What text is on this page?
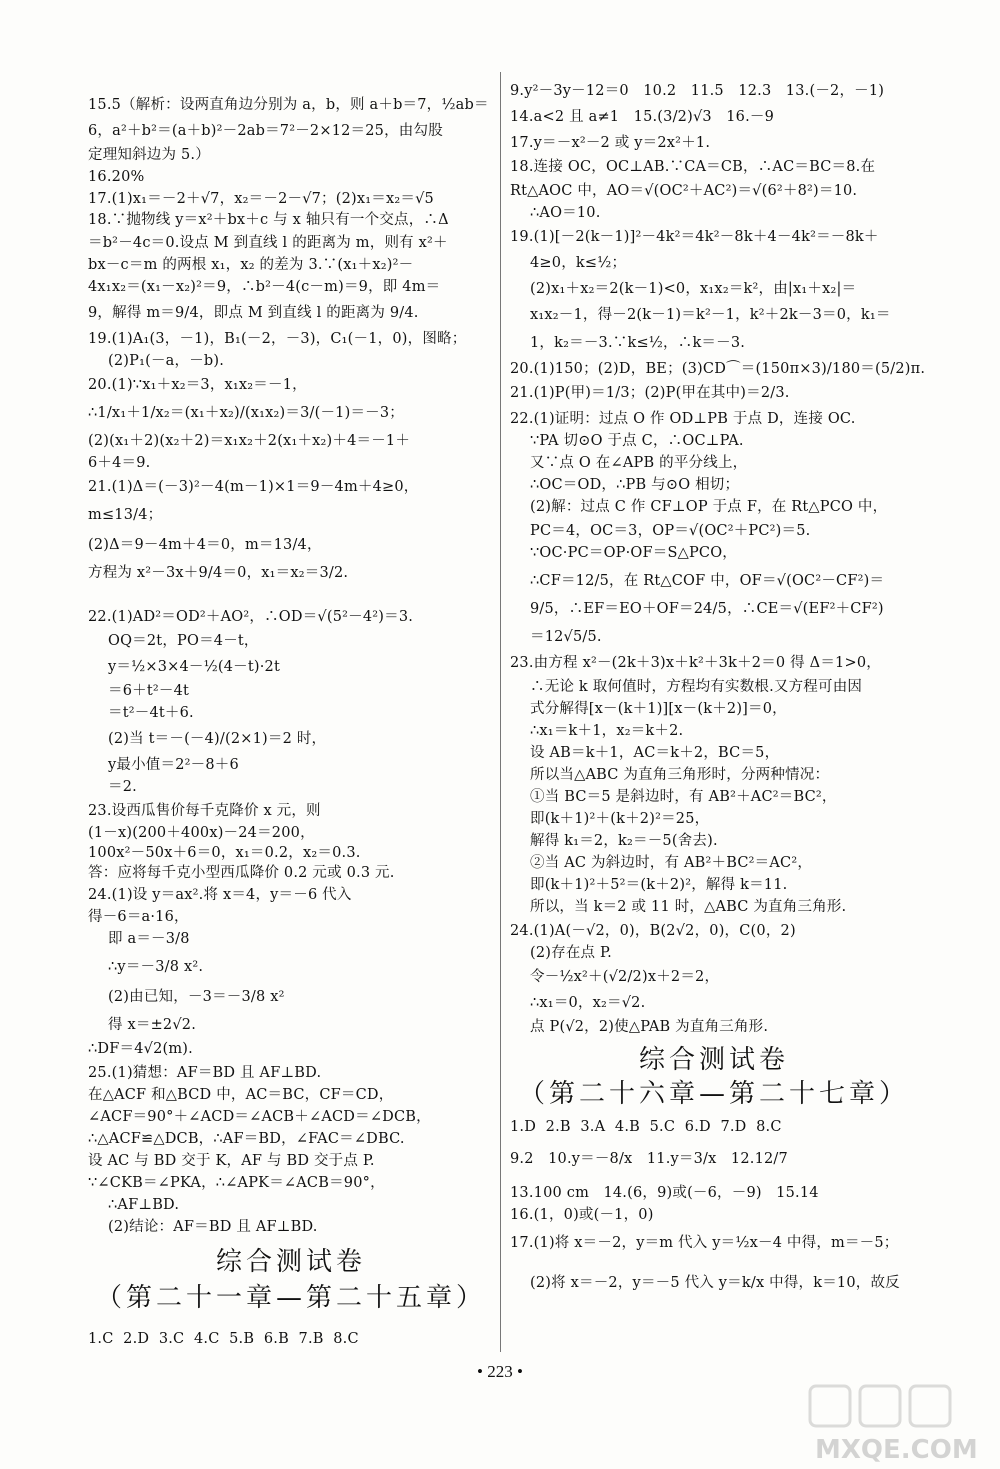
15.5（解析：设两直角边分别为 a，b，则 a＋b＝7，½ab＝
6，a²＋b²＝(a＋b)²－2ab＝7²－2×12＝25，由勾股
定理知斜边为 5.）
16.20%
17.(1)x₁＝－2＋√7，x₂＝－2－√7；(2)x₁＝x₂＝√5
18.∵抛物线 y＝x²＋bx＋c 与 x 轴只有一个交点，∴Δ
＝b²－4c＝0.设点 M 到直线 l 的距离为 m，则有 x²＋
bx－c＝m 的两根 x₁，x₂ 的差为 3.∵(x₁＋x₂)²－
4x₁x₂＝(x₁－x₂)²＝9，∴b²－4(c－m)＝9，即 4m＝
9，解得 m＝9/4，即点 M 到直线 l 的距离为 9/4.
19.(1)A₁(3，－1)，B₁(－2，－3)，C₁(－1，0)，图略；
(2)P₁(－a，－b).
20.(1)∵x₁＋x₂＝3，x₁x₂＝－1，
∴1/x₁＋1/x₂＝(x₁＋x₂)/(x₁x₂)＝3/(－1)＝－3；
(2)(x₁＋2)(x₂＋2)＝x₁x₂＋2(x₁＋x₂)＋4＝－1＋
6＋4＝9.
21.(1)Δ＝(－3)²－4(m－1)×1＝9－4m＋4≥0，
m≤13/4；
(2)Δ＝9－4m＋4＝0，m＝13/4，
方程为 x²－3x＋9/4＝0，x₁＝x₂＝3/2.
22.(1)AD²＝OD²＋AO²，∴OD＝√(5²－4²)＝3.
OQ＝2t，PO＝4－t，
y＝½×3×4－½(4－t)·2t
＝6＋t²－4t
＝t²－4t＋6.
(2)当 t＝－(－4)/(2×1)＝2 时，
y最小值＝2²－8＋6
＝2.
23.设西瓜售价每千克降价 x 元，则
(1－x)(200＋400x)－24＝200，
100x²－50x＋6＝0，x₁＝0.2，x₂＝0.3.
答：应将每千克小型西瓜降价 0.2 元或 0.3 元.
24.(1)设 y＝ax².将 x＝4，y＝－6 代入
得－6＝a·16，
即 a＝－3/8
∴y＝－3/8 x².
(2)由已知，－3＝－3/8 x²
得 x＝±2√2.
∴DF＝4√2(m).
25.(1)猜想：AF＝BD 且 AF⊥BD.
在△ACF 和△BCD 中，AC＝BC，CF＝CD，
∠ACF＝90°＋∠ACD＝∠ACB＋∠ACD＝∠DCB，
∴△ACF≌△DCB，∴AF＝BD，∠FAC＝∠DBC.
设 AC 与 BD 交于 K，AF 与 BD 交于点 P.
∵∠CKB＝∠PKA，∴∠APK＝∠ACB＝90°，
∴AF⊥BD.
(2)结论：AF＝BD 且 AF⊥BD.
综合测试卷
（第二十一章—第二十五章）
1.C  2.D  3.C  4.C  5.B  6.B  7.B  8.C
9.y²－3y－12＝0   10.2   11.5   12.3   13.(－2，－1)
14.a<2 且 a≠1   15.(3/2)√3   16.－9
17.y＝－x²－2 或 y＝2x²＋1.
18.连接 OC，OC⊥AB.∵CA＝CB，∴AC＝BC＝8.在
Rt△AOC 中，AO＝√(OC²＋AC²)＝√(6²＋8²)＝10.
∴AO＝10.
19.(1)[－2(k－1)]²－4k²＝4k²－8k＋4－4k²＝－8k＋
4≥0，k≤½；
(2)x₁＋x₂＝2(k－1)<0，x₁x₂＝k²，由|x₁＋x₂|＝
x₁x₂－1，得－2(k－1)＝k²－1，k²＋2k－3＝0，k₁＝
1，k₂＝－3.∵k≤½，∴k＝－3.
20.(1)150；(2)D，BE；(3)CD⌒＝(150π×3)/180＝(5/2)π.
21.(1)P(甲)＝1/3；(2)P(甲在其中)＝2/3.
22.(1)证明：过点 O 作 OD⊥PB 于点 D，连接 OC.
∵PA 切⊙O 于点 C，∴OC⊥PA.
又∵点 O 在∠APB 的平分线上，
∴OC＝OD，∴PB 与⊙O 相切；
(2)解：过点 C 作 CF⊥OP 于点 F，在 Rt△PCO 中，
PC＝4，OC＝3，OP＝√(OC²＋PC²)＝5.
∵OC·PC＝OP·OF＝S△PCO，
∴CF＝12/5，在 Rt△COF 中，OF＝√(OC²－CF²)＝
9/5，∴EF＝EO＋OF＝24/5，∴CE＝√(EF²＋CF²)
＝12√5/5.
23.由方程 x²－(2k＋3)x＋k²＋3k＋2＝0 得 Δ＝1>0，
∴无论 k 取何值时，方程均有实数根.又方程可由因
式分解得[x－(k＋1)][x－(k＋2)]＝0，
∴x₁＝k＋1，x₂＝k＋2.
设 AB＝k＋1，AC＝k＋2，BC＝5，
所以当△ABC 为直角三角形时，分两种情况：
①当 BC＝5 是斜边时，有 AB²＋AC²＝BC²，
即(k＋1)²＋(k＋2)²＝25，
解得 k₁＝2，k₂＝－5(舍去).
②当 AC 为斜边时，有 AB²＋BC²＝AC²，
即(k＋1)²＋5²＝(k＋2)²，解得 k＝11.
所以，当 k＝2 或 11 时，△ABC 为直角三角形.
24.(1)A(－√2，0)，B(2√2，0)，C(0，2)
(2)存在点 P.
令－½x²＋(√2/2)x＋2＝2，
∴x₁＝0，x₂＝√2.
点 P(√2，2)使△PAB 为直角三角形.
综合测试卷
（第二十六章—第二十七章）
1.D  2.B  3.A  4.B  5.C  6.D  7.D  8.C
9.2   10.y＝－8/x   11.y＝3/x   12.12/7
13.100 cm   14.(6，9)或(－6，－9)   15.14
16.(1，0)或(－1，0)
17.(1)将 x＝－2，y＝m 代入 y＝½x－4 中得，m＝－5；
(2)将 x＝－2，y＝－5 代入 y＝k/x 中得，k＝10，故反
• 223 •
MXQE.COM
